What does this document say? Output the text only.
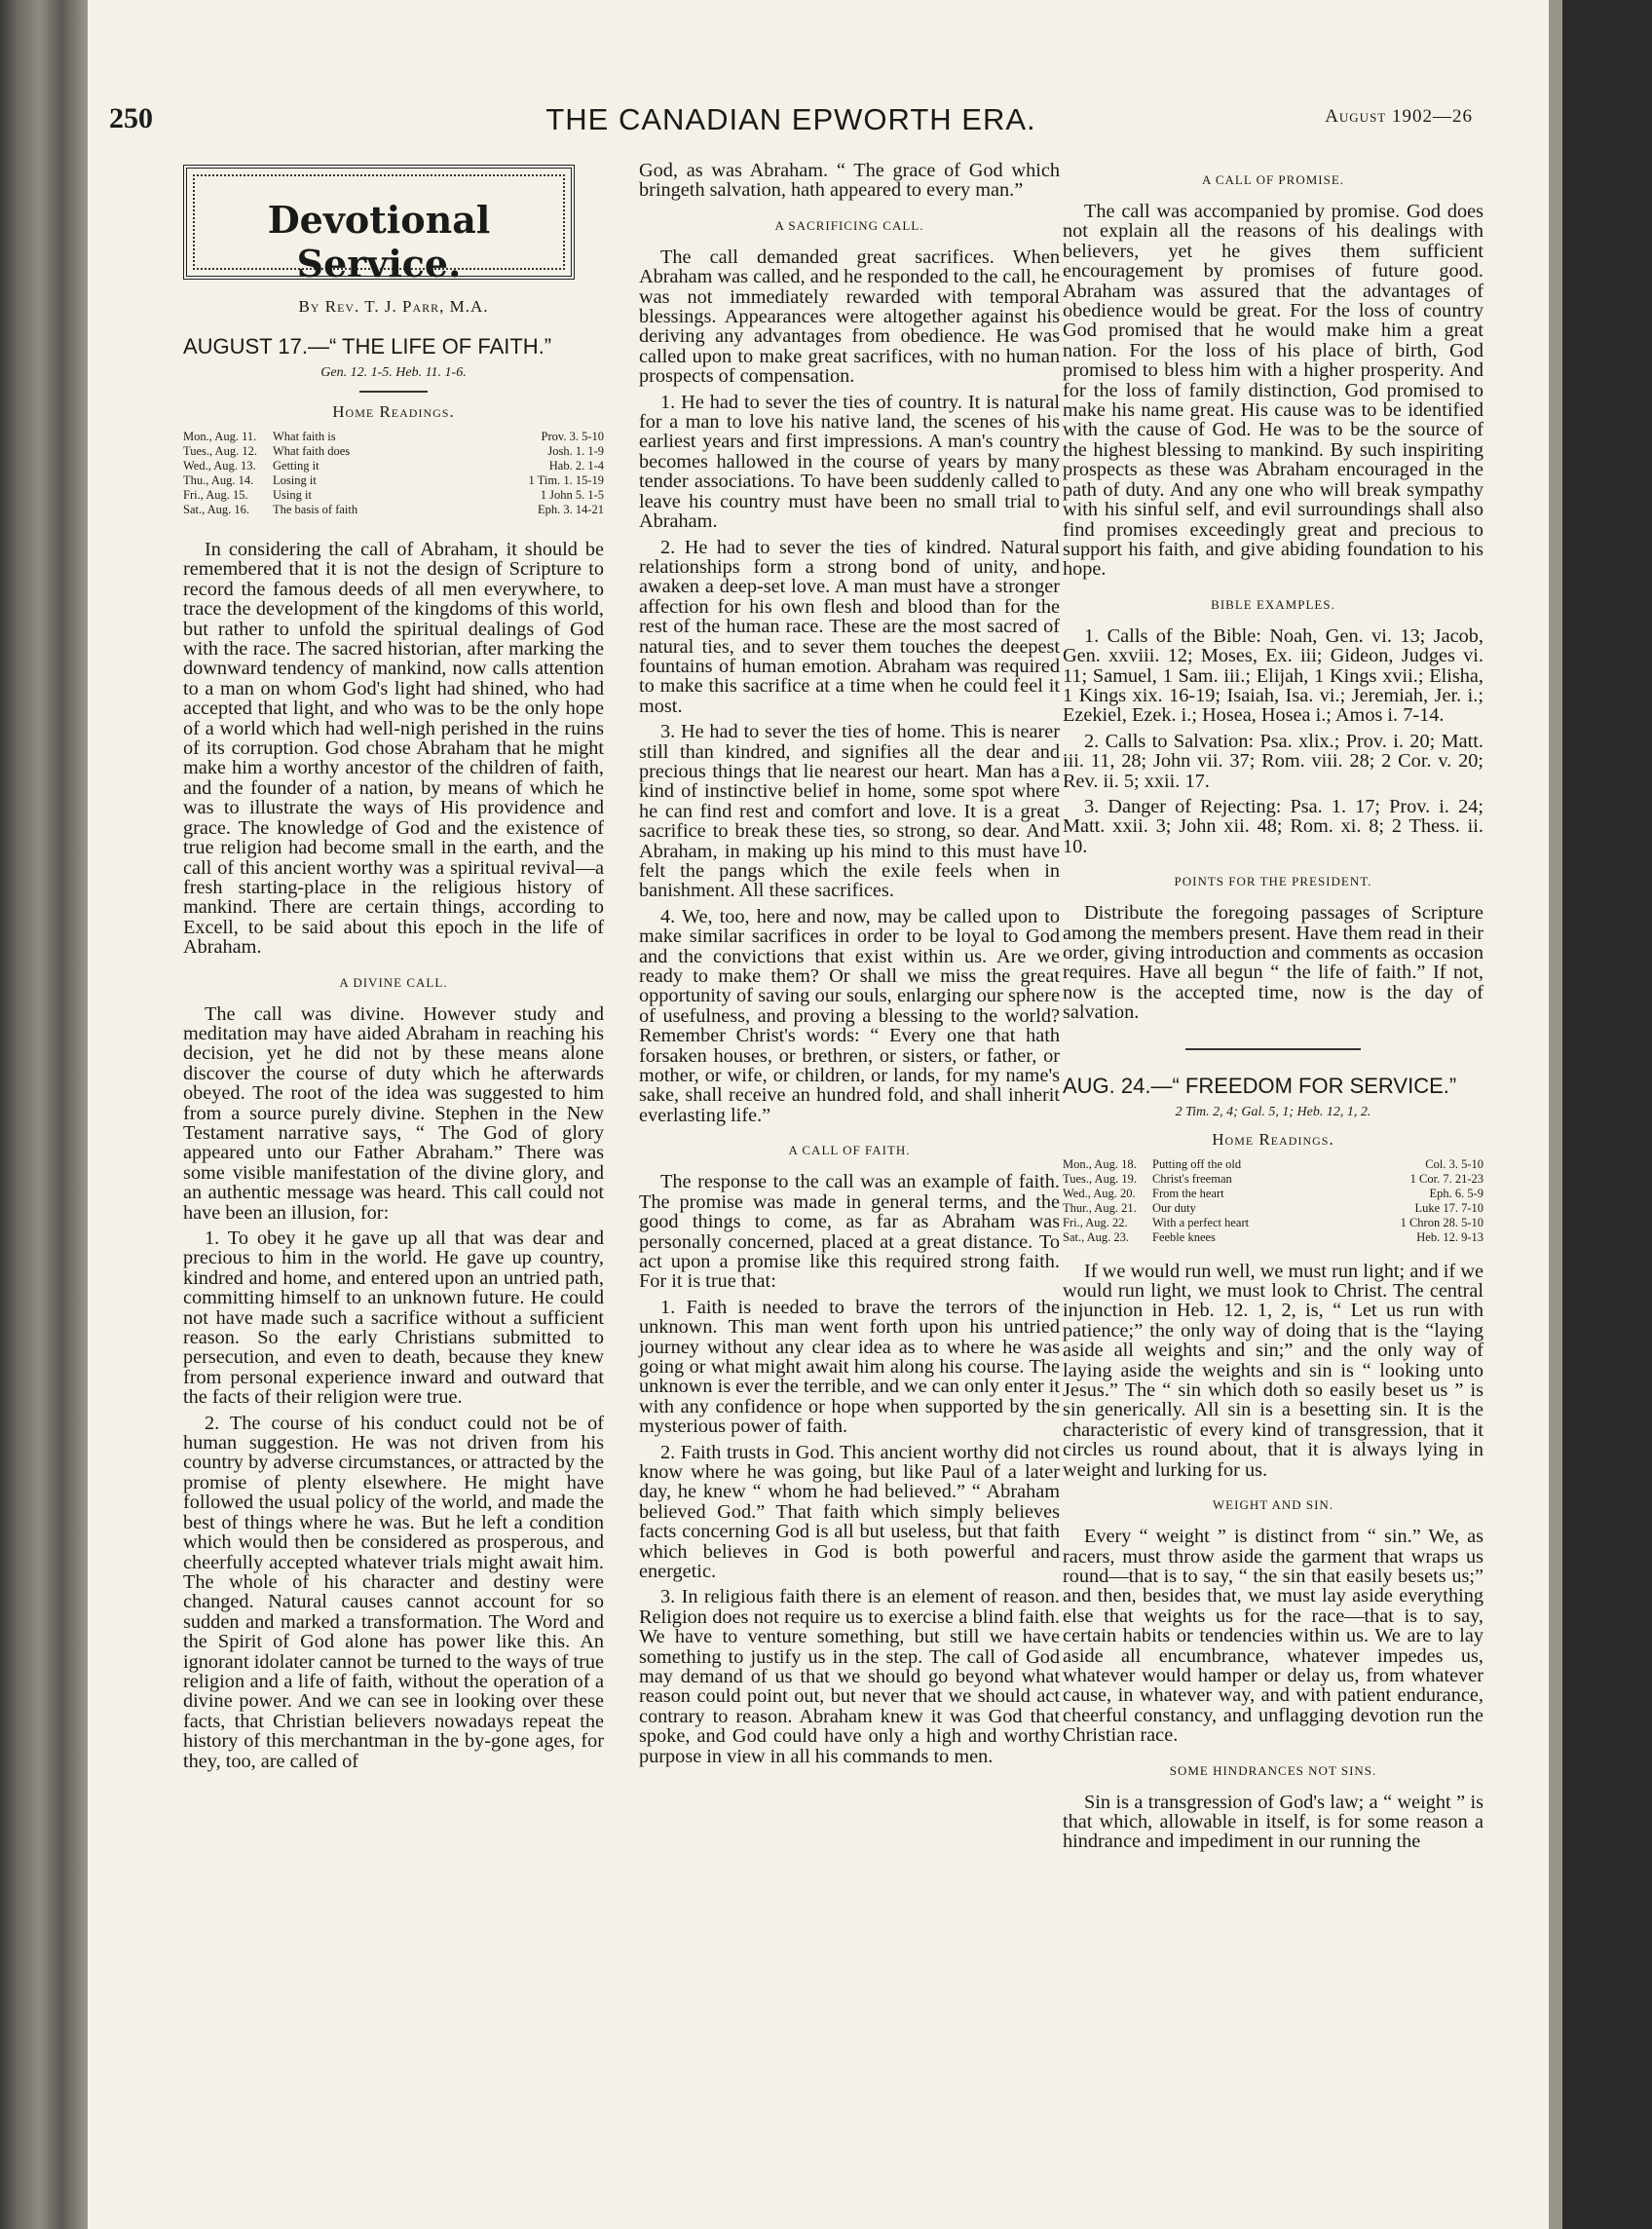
250	THE CANADIAN EPWORTH ERA.	August 1902—26
Devotional Service.
By Rev. T. J. Parr, M.A.
AUGUST 17.—“ THE LIFE OF FAITH.”
Gen. 12. 1-5. Heb. 11. 1-6.
Home Readings.
Mon., Aug. 11.	What faith is	Prov. 3. 5-10
Tues., Aug. 12.	What faith does	Josh. 1. 1-9
Wed., Aug. 13.	Getting it	Hab. 2. 1-4
Thu., Aug. 14.	Losing it	1 Tim. 1. 15-19
Fri., Aug. 15.	Using it	1 John 5. 1-5
Sat., Aug. 16.	The basis of faith	Eph. 3. 14-21

In considering the call of Abraham, it should be remembered that it is not the design of Scripture to record the famous deeds of all men everywhere, to trace the development of the kingdoms of this world, but rather to unfold the spiritual dealings of God with the race. The sacred historian, after marking the downward tendency of mankind, now calls attention to a man on whom God's light had shined, who had accepted that light, and who was to be the only hope of a world which had well-nigh perished in the ruins of its corruption. God chose Abraham that he might make him a worthy ancestor of the children of faith, and the founder of a nation, by means of which he was to illustrate the ways of His providence and grace. The knowledge of God and the existence of true religion had become small in the earth, and the call of this ancient worthy was a spiritual revival—a fresh starting-place in the religious history of mankind. There are certain things, according to Excell, to be said about this epoch in the life of Abraham.

A DIVINE CALL.

The call was divine. However study and meditation may have aided Abraham in reaching his decision, yet he did not by these means alone discover the course of duty which he afterwards obeyed. The root of the idea was suggested to him from a source purely divine. Stephen in the New Testament narrative says, “ The God of glory appeared unto our Father Abraham.” There was some visible manifestation of the divine glory, and an authentic message was heard. This call could not have been an illusion, for:

1. To obey it he gave up all that was dear and precious to him in the world. He gave up country, kindred and home, and entered upon an untried path, committing himself to an unknown future. He could not have made such a sacrifice without a sufficient reason. So the early Christians submitted to persecution, and even to death, because they knew from personal experience inward and outward that the facts of their religion were true.

2. The course of his conduct could not be of human suggestion. He was not driven from his country by adverse circumstances, or attracted by the promise of plenty elsewhere. He might have followed the usual policy of the world, and made the best of things where he was. But he left a condition which would then be considered as prosperous, and cheerfully accepted whatever trials might await him. The whole of his character and destiny were changed. Natural causes cannot account for so sudden and marked a transformation. The Word and the Spirit of God alone has power like this. An ignorant idolater cannot be turned to the ways of true religion and a life of faith, without the operation of a divine power. And we can see in looking over these facts, that Christian believers nowadays repeat the history of this merchantman in the by-gone ages, for they, too, are called of

God, as was Abraham. “ The grace of God which bringeth salvation, hath appeared to every man.”

A SACRIFICING CALL.

The call demanded great sacrifices. When Abraham was called, and he responded to the call, he was not immediately rewarded with temporal blessings. Appearances were altogether against his deriving any advantages from obedience. He was called upon to make great sacrifices, with no human prospects of compensation.

1. He had to sever the ties of country. It is natural for a man to love his native land, the scenes of his earliest years and first impressions. A man's country becomes hallowed in the course of years by many tender associations. To have been suddenly called to leave his country must have been no small trial to Abraham.

2. He had to sever the ties of kindred. Natural relationships form a strong bond of unity, and awaken a deep-set love. A man must have a stronger affection for his own flesh and blood than for the rest of the human race. These are the most sacred of natural ties, and to sever them touches the deepest fountains of human emotion. Abraham was required to make this sacrifice at a time when he could feel it most.

3. He had to sever the ties of home. This is nearer still than kindred, and signifies all the dear and precious things that lie nearest our heart. Man has a kind of instinctive belief in home, some spot where he can find rest and comfort and love. It is a great sacrifice to break these ties, so strong, so dear. And Abraham, in making up his mind to this must have felt the pangs which the exile feels when in banishment. All these sacrifices.

4. We, too, here and now, may be called upon to make similar sacrifices in order to be loyal to God and the convictions that exist within us. Are we ready to make them? Or shall we miss the great opportunity of saving our souls, enlarging our sphere of usefulness, and proving a blessing to the world? Remember Christ's words: “ Every one that hath forsaken houses, or brethren, or sisters, or father, or mother, or wife, or children, or lands, for my name's sake, shall receive an hundred fold, and shall inherit everlasting life.”

A CALL OF FAITH.

The response to the call was an example of faith. The promise was made in general terms, and the good things to come, as far as Abraham was personally concerned, placed at a great distance. To act upon a promise like this required strong faith. For it is true that:

1. Faith is needed to brave the terrors of the unknown. This man went forth upon his untried journey without any clear idea as to where he was going or what might await him along his course. The unknown is ever the terrible, and we can only enter it with any confidence or hope when supported by the mysterious power of faith.

2. Faith trusts in God. This ancient worthy did not know where he was going, but like Paul of a later day, he knew “ whom he had believed.” “ Abraham believed God.” That faith which simply believes facts concerning God is all but useless, but that faith which believes in God is both powerful and energetic.

3. In religious faith there is an element of reason. Religion does not require us to exercise a blind faith. We have to venture something, but still we have something to justify us in the step. The call of God may demand of us that we should go beyond what reason could point out, but never that we should act contrary to reason. Abraham knew it was God that spoke, and God could have only a high and worthy purpose in view in all his commands to men.

A CALL OF PROMISE.

The call was accompanied by promise. God does not explain all the reasons of his dealings with believers, yet he gives them sufficient encouragement by promises of future good. Abraham was assured that the advantages of obedience would be great. For the loss of country God promised that he would make him a great nation. For the loss of his place of birth, God promised to bless him with a higher prosperity. And for the loss of family distinction, God promised to make his name great. His cause was to be identified with the cause of God. He was to be the source of the highest blessing to mankind. By such inspiriting prospects as these was Abraham encouraged in the path of duty. And any one who will break sympathy with his sinful self, and evil surroundings shall also find promises exceedingly great and precious to support his faith, and give abiding foundation to his hope.

BIBLE EXAMPLES.

1. Calls of the Bible: Noah, Gen. vi. 13; Jacob, Gen. xxviii. 12; Moses, Ex. iii; Gideon, Judges vi. 11; Samuel, 1 Sam. iii.; Elijah, 1 Kings xvii.; Elisha, 1 Kings xix. 16-19; Isaiah, Isa. vi.; Jeremiah, Jer. i.; Ezekiel, Ezek. i.; Hosea, Hosea i.; Amos i. 7-14.

2. Calls to Salvation: Psa. xlix.; Prov. i. 20; Matt. iii. 11, 28; John vii. 37; Rom. viii. 28; 2 Cor. v. 20; Rev. ii. 5; xxii. 17.

3. Danger of Rejecting: Psa. 1. 17; Prov. i. 24; Matt. xxii. 3; John xii. 48; Rom. xi. 8; 2 Thess. ii. 10.

POINTS FOR THE PRESIDENT.

Distribute the foregoing passages of Scripture among the members present. Have them read in their order, giving introduction and comments as occasion requires. Have all begun “ the life of faith.” If not, now is the accepted time, now is the day of salvation.

AUG. 24.—“ FREEDOM FOR SERVICE.”
2 Tim. 2, 4; Gal. 5, 1; Heb. 12, 1, 2.
Home Readings.
Mon., Aug. 18.	Putting off the old	Col. 3. 5-10
Tues., Aug. 19.	Christ's freeman	1 Cor. 7. 21-23
Wed., Aug. 20.	From the heart	Eph. 6. 5-9
Thur., Aug. 21.	Our duty	Luke 17. 7-10
Fri., Aug. 22.	With a perfect heart	1 Chron 28. 5-10
Sat., Aug. 23.	Feeble knees	Heb. 12. 9-13

If we would run well, we must run light; and if we would run light, we must look to Christ. The central injunction in Heb. 12. 1, 2, is, “ Let us run with patience;” the only way of doing that is the “laying aside all weights and sin;” and the only way of laying aside the weights and sin is “ looking unto Jesus.” The “ sin which doth so easily beset us ” is sin generically. All sin is a besetting sin. It is the characteristic of every kind of transgression, that it circles us round about, that it is always lying in weight and lurking for us.

WEIGHT AND SIN.

Every “ weight ” is distinct from “ sin.” We, as racers, must throw aside the garment that wraps us round—that is to say, “ the sin that easily besets us;” and then, besides that, we must lay aside everything else that weights us for the race—that is to say, certain habits or tendencies within us. We are to lay aside all encumbrance, whatever impedes us, whatever would hamper or delay us, from whatever cause, in whatever way, and with patient endurance, cheerful constancy, and unflagging devotion run the Christian race.

SOME HINDRANCES NOT SINS.

Sin is a transgression of God's law; a “ weight ” is that which, allowable in itself, is for some reason a hindrance and impediment in our running the
